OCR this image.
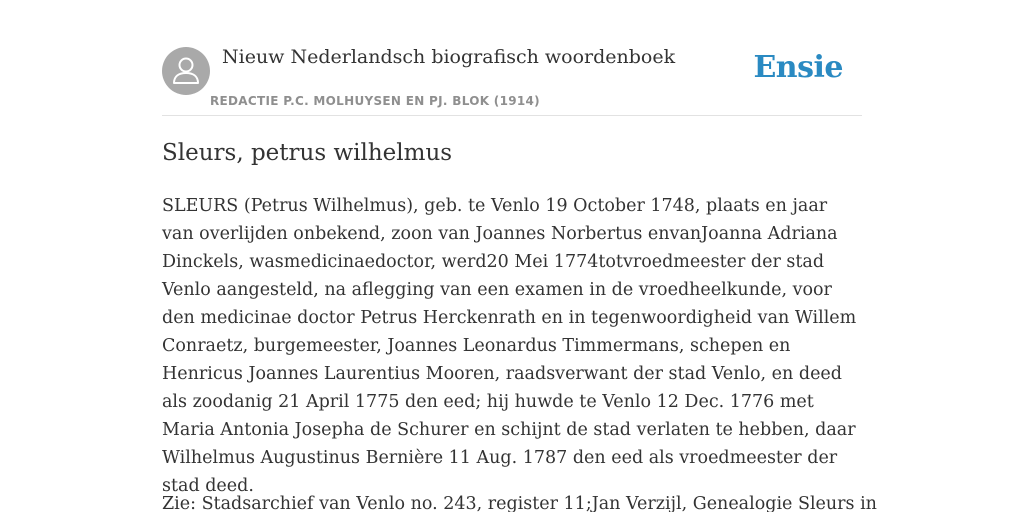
Nieuw Nederlandsch biografisch woordenboek
REDACTIE P.C. MOLHUYSEN EN PJ. BLOK (1914)
Ensie
Sleurs, petrus wilhelmus

SLEURS (Petrus Wilhelmus), geb. te Venlo 19 October 1748, plaats en jaar van overlijden onbekend, zoon van Joannes Norbertus envanJoanna Adriana Dinckels, wasmedicinaedoctor, werd20 Mei 1774totvroedmeester der stad Venlo aangesteld, na aflegging van een examen in de vroedheelkunde, voor den medicinae doctor Petrus Herckenrath en in tegenwoordigheid van Willem Conraetz, burgemeester, Joannes Leonardus Timmermans, schepen en Henricus Joannes Laurentius Mooren, raadsverwant der stad Venlo, en deed als zoodanig 21 April 1775 den eed; hij huwde te Venlo 12 Dec. 1776 met Maria Antonia Josepha de Schurer en schijnt de stad verlaten te hebben, daar Wilhelmus Augustinus Bernière 11 Aug. 1787 den eed als vroedmeester der stad deed.

Zie: Stadsarchief van Venlo no. 243, register 11;Jan Verzijl, Genealogie Sleurs in
